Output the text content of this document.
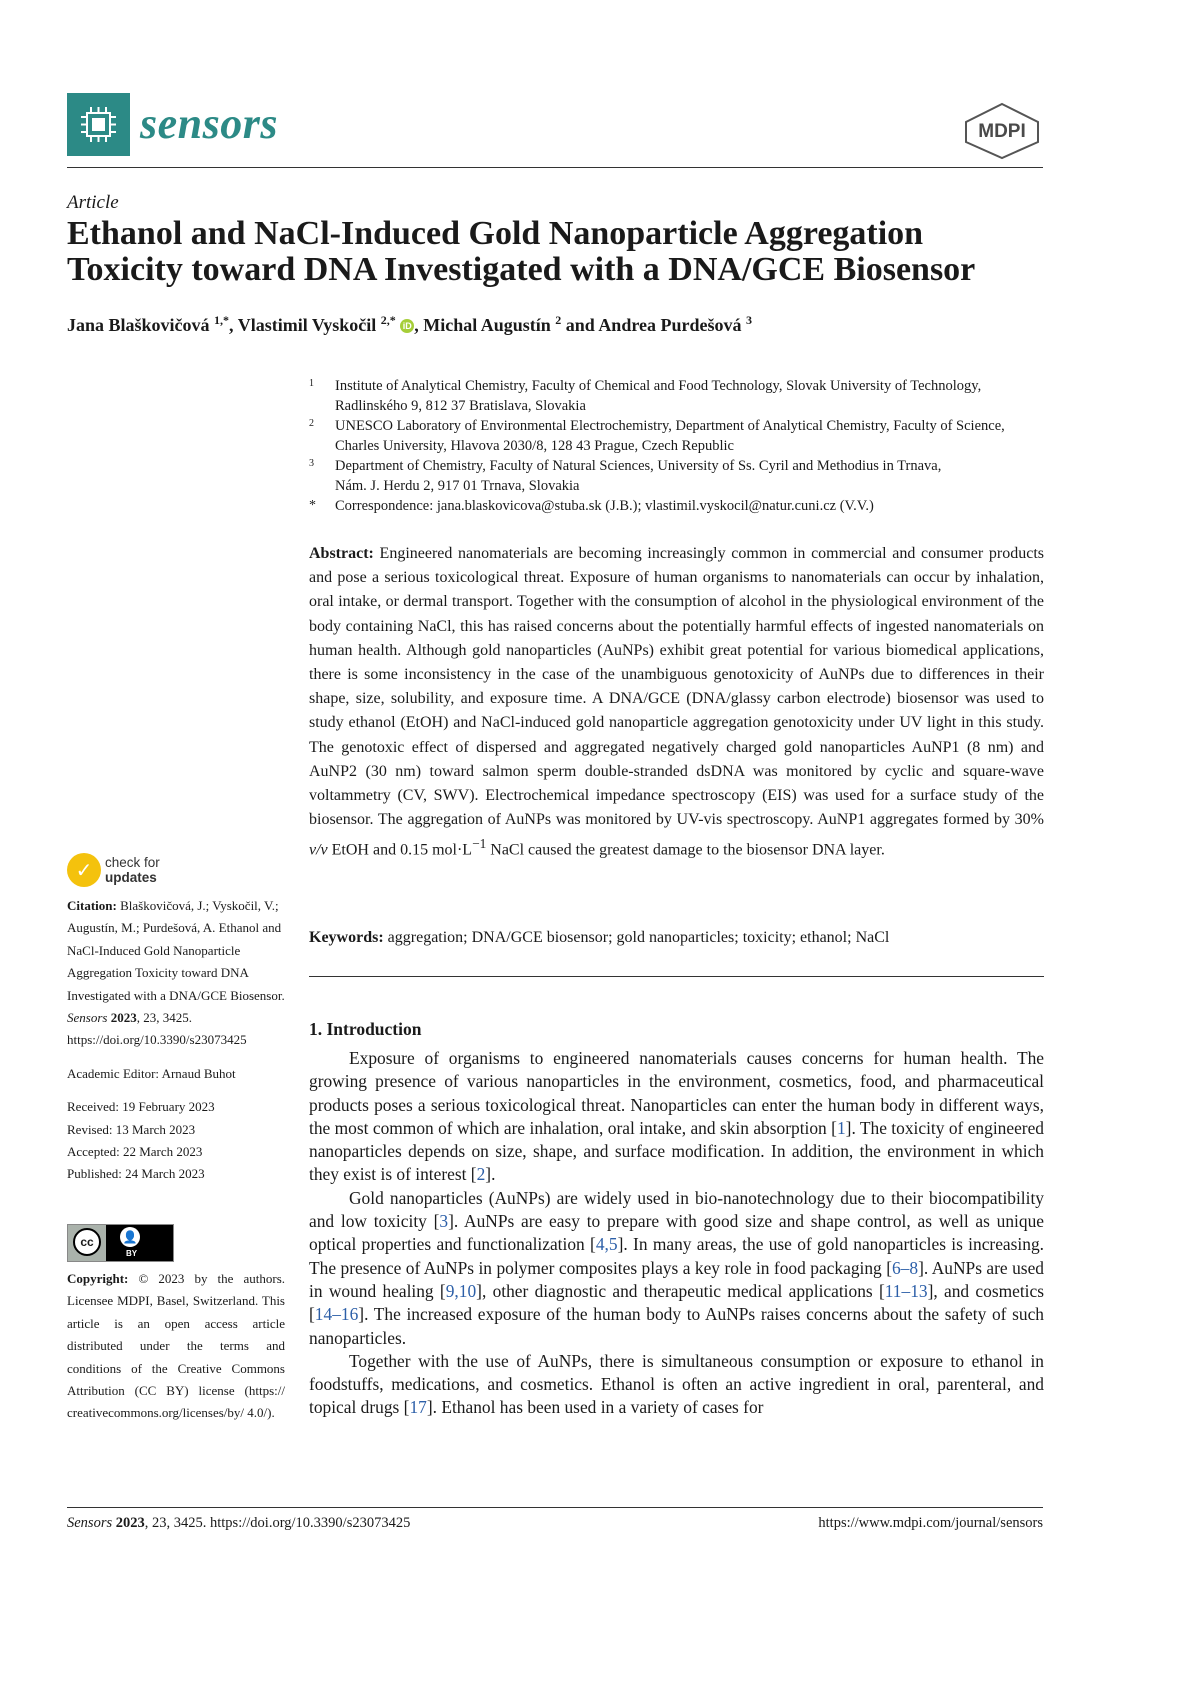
sensors	MDPI
Article
Ethanol and NaCl-Induced Gold Nanoparticle Aggregation
Toxicity toward DNA Investigated with a DNA/GCE Biosensor
Jana Blaškovičová $^{1,*}$, Vlastimil Vyskočil $^{2,*}$ iD , Michal Augustín $^2$ and Andrea Purdešová $^3$
1 Institute of Analytical Chemistry, Faculty of Chemical and Food Technology, Slovak University of Technology,
Radlinského 9, 812 37 Bratislava, Slovakia
2 UNESCO Laboratory of Environmental Electrochemistry, Department of Analytical Chemistry, Faculty of Science,
Charles University, Hlavova 2030/8, 128 43 Prague, Czech Republic
3 Department of Chemistry, Faculty of Natural Sciences, University of Ss. Cyril and Methodius in Trnava,
Nám. J. Herdu 2, 917 01 Trnava, Slovakia
* Correspondence: jana.blaskovicova@stuba.sk (J.B.); vlastimil.vyskocil@natur.cuni.cz (V.V.)
Abstract: Engineered nanomaterials are becoming increasingly common in commercial and consumer products and pose a serious toxicological threat. Exposure of human organisms to nanomaterials can occur by inhalation, oral intake, or dermal transport. Together with the consumption of alcohol in the physiological environment of the body containing NaCl, this has raised concerns about the potentially harmful effects of ingested nanomaterials on human health. Although gold nanoparticles (AuNPs) exhibit great potential for various biomedical applications, there is some inconsistency in the case of the unambiguous genotoxicity of AuNPs due to differences in their shape, size, solubility, and exposure time. A DNA/GCE (DNA/glassy carbon electrode) biosensor was used to study ethanol (EtOH) and NaCl-induced gold nanoparticle aggregation genotoxicity under UV light in this study. The genotoxic effect of dispersed and aggregated negatively charged gold nanoparticles AuNP1 (8 nm) and AuNP2 (30 nm) toward salmon sperm double-stranded dsDNA was monitored by cyclic and square-wave voltammetry (CV, SWV). Electrochemical impedance spectroscopy (EIS) was used for a surface study of the biosensor. The aggregation of AuNPs was monitored by UV-vis spectroscopy. AuNP1 aggregates formed by 30% v/v EtOH and 0.15 $mol\cdot L^{-1}$ NaCl caused the greatest damage to the biosensor DNA layer.
Keywords: aggregation; DNA/GCE biosensor; gold nanoparticles; toxicity; ethanol; NaCl
1. Introduction

Exposure of organisms to engineered nanomaterials causes concerns for human health. The growing presence of various nanoparticles in the environment, cosmetics, food, and pharmaceutical products poses a serious toxicological threat. Nanoparticles can enter the human body in different ways, the most common of which are inhalation, oral intake, and skin absorption [1]. The toxicity of engineered nanoparticles depends on size, shape, and surface modification. In addition, the environment in which they exist is of interest [2].

Gold nanoparticles (AuNPs) are widely used in bio-nanotechnology due to their biocompatibility and low toxicity [3]. AuNPs are easy to prepare with good size and shape control, as well as unique optical properties and functionalization [4,5]. In many areas, the use of gold nanoparticles is increasing. The presence of AuNPs in polymer composites plays a key role in food packaging [6–8]. AuNPs are used in wound healing [9,10], other diagnostic and therapeutic medical applications [11–13], and cosmetics [14–16]. The increased exposure of the human body to AuNPs raises concerns about the safety of such nanoparticles.

Together with the use of AuNPs, there is simultaneous consumption or exposure to ethanol in foodstuffs, medications, and cosmetics. Ethanol is often an active ingredient in oral, parenteral, and topical drugs [17]. Ethanol has been used in a variety of cases for

✓ check for
updates

Citation: Blaškovičová, J.; Vyskočil, V.; Augustín, M.; Purdešová, A. Ethanol and NaCl-Induced Gold Nanoparticle Aggregation Toxicity toward DNA Investigated with a DNA/GCE Biosensor. Sensors 2023, 23, 3425. https://doi.org/10.3390/s23073425

Academic Editor: Arnaud Buhot

Received: 19 February 2023

Revised: 13 March 2023

Accepted: 22 March 2023

Published: 24 March 2023

cc	👤
BY
Copyright: © 2023 by the authors. Licensee MDPI, Basel, Switzerland. This article is an open access article distributed under the terms and conditions of the Creative Commons Attribution (CC BY) license (https:// creativecommons.org/licenses/by/ 4.0/).
Sensors 2023, 23, 3425. https://doi.org/10.3390/s23073425	https://www.mdpi.com/journal/sensors
